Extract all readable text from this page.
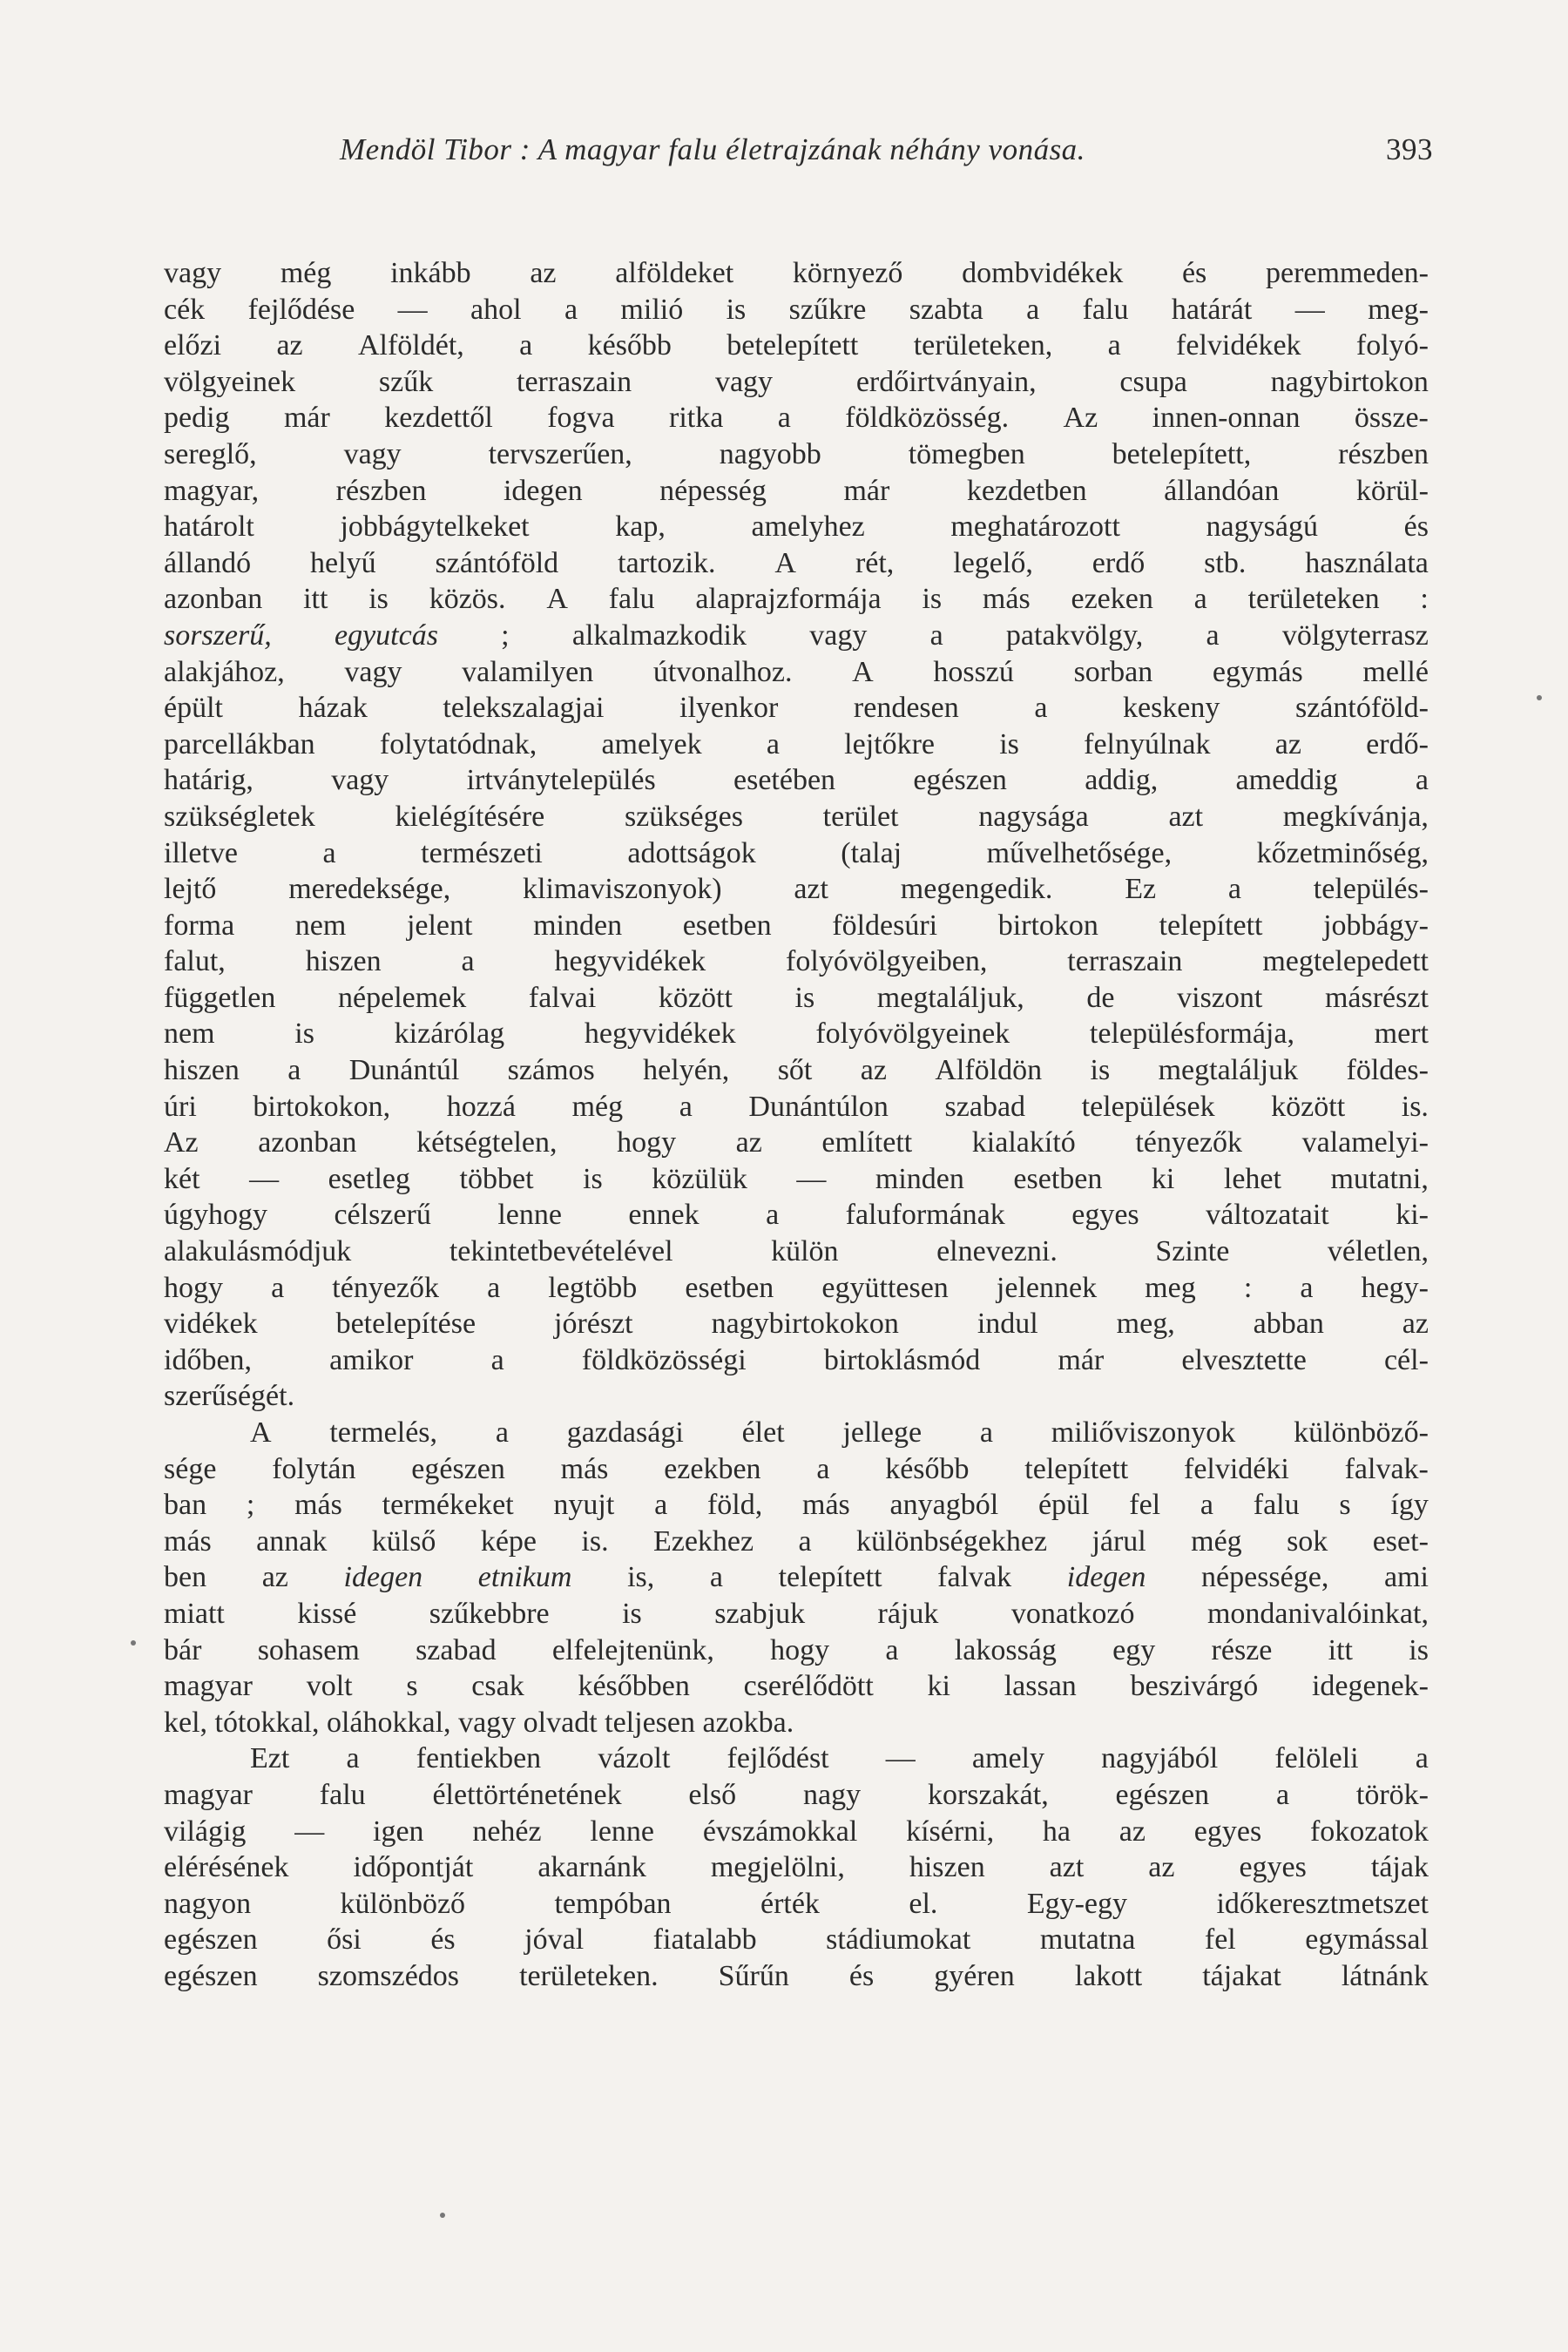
Mendöl Tibor : A magyar falu életrajzának néhány vonása.	393
vagy még inkább az alföldeket környező dombvidékek és peremmeden-
cék fejlődése — ahol a milió is szűkre szabta a falu határát — meg-
előzi az Alföldét, a később betelepített területeken, a felvidékek folyó-
völgyeinek	szűk	terraszain	vagy	erdőirtványain,	csupa	nagybirtokon
pedig már kezdettől fogva ritka a földközösség. Az innen-onnan össze-
sereglő,	vagy	tervszerűen,	nagyobb	tömegben	betelepített,	részben
magyar,	részben	idegen	népesség	már	kezdetben	állandóan	körül-
határolt	jobbágytelkeket	kap,	amelyhez	meghatározott	nagyságú	és
állandó helyű szántóföld tartozik. A rét, legelő, erdő stb. használata
azonban itt is közös. A falu alaprajzformája is más ezeken a területeken :
sorszerű, egyutcás ; alkalmazkodik vagy a patakvölgy, a völgyterrasz
alakjához, vagy valamilyen útvonalhoz. A hosszú sorban egymás mellé
épült	házak	telekszalagjai	ilyenkor	rendesen	a	keskeny	szántóföld-
parcellákban folytatódnak, amelyek a lejtőkre is felnyúlnak az erdő-
határig,	vagy	irtványtelepülés	esetében	egészen	addig,	ameddig	a
szükségletek	kielégítésére	szükséges	terület	nagysága	azt	megkívánja,
illetve	a	természeti	adottságok	(talaj	művelhetősége,	kőzetminőség,
lejtő meredeksége, klimaviszonyok) azt megengedik. Ez a település-
forma nem jelent minden esetben földesúri birtokon telepített jobbágy-
falut,	hiszen	a	hegyvidékek	folyóvölgyeiben,	terraszain	megtelepedett
független népelemek falvai között is megtaláljuk, de viszont másrészt
nem	is	kizárólag	hegyvidékek	folyóvölgyeinek	településformája,	mert
hiszen a Dunántúl számos helyén, sőt az Alföldön is megtaláljuk földes-
úri birtokokon, hozzá még a Dunántúlon szabad települések között is.
Az azonban kétségtelen, hogy az említett kialakító tényezők valamelyi-
két — esetleg többet is közülük — minden esetben ki lehet mutatni,
úgyhogy célszerű lenne ennek a faluformának egyes változatait ki-
alakulásmódjuk	tekintetbevételével	külön	elnevezni.	Szinte	véletlen,
hogy a tényezők a legtöbb esetben együttesen jelennek meg : a hegy-
vidékek	betelepítése	jórészt	nagybirtokokon	indul	meg,	abban	az
időben,	amikor	a	földközösségi	birtoklásmód	már	elvesztette	cél-
szerűségét.
A termelés, a gazdasági élet jellege a miliőviszonyok különböző-
sége folytán egészen más ezekben a később telepített felvidéki falvak-
ban ; más termékeket nyujt a föld, más anyagból épül fel a falu s így
más annak külső képe is. Ezekhez a különbségekhez járul még sok eset-
ben az idegen etnikum is, a telepített falvak idegen népessége, ami
miatt kissé szűkebbre is szabjuk rájuk vonatkozó mondanivalóinkat,
bár sohasem szabad elfelejtenünk, hogy a lakosság egy része itt is
magyar volt s csak későbben cserélődött ki lassan beszivárgó idegenek-
kel, tótokkal, oláhokkal, vagy olvadt teljesen azokba.
Ezt a fentiekben vázolt fejlődést — amely nagyjából felöleli a
magyar falu élettörténetének első nagy korszakát, egészen a török-
világig — igen nehéz lenne évszámokkal kísérni, ha az egyes fokozatok
elérésének időpontját akarnánk megjelölni, hiszen azt az egyes tájak
nagyon	különböző	tempóban	érték	el.	Egy-egy	időkeresztmetszet
egészen ősi és jóval fiatalabb stádiumokat mutatna fel egymással
egészen szomszédos területeken. Sűrűn és gyéren lakott tájakat látnánk
